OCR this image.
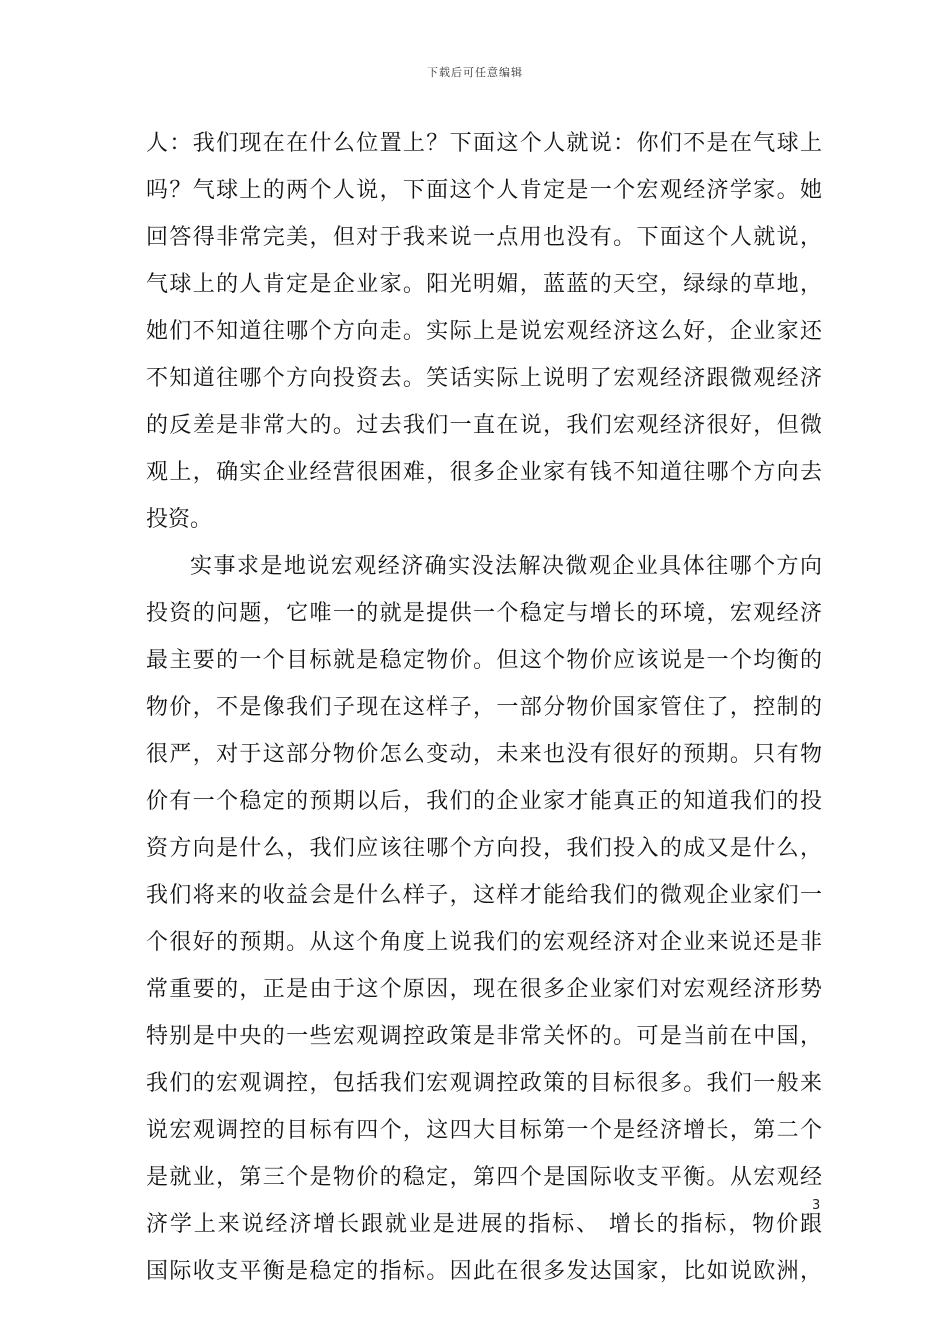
下载后可任意编辑
人：我们现在在什么位置上？下面这个人就说：你们不是在气球上
吗？气球上的两个人说，下面这个人肯定是一个宏观经济学家。她
回答得非常完美，但对于我来说一点用也没有。下面这个人就说，
气球上的人肯定是企业家。阳光明媚，蓝蓝的天空，绿绿的草地，
她们不知道往哪个方向走。实际上是说宏观经济这么好，企业家还
不知道往哪个方向投资去。笑话实际上说明了宏观经济跟微观经济
的反差是非常大的。过去我们一直在说，我们宏观经济很好，但微
观上，确实企业经营很困难，很多企业家有钱不知道往哪个方向去
投资。
实事求是地说宏观经济确实没法解决微观企业具体往哪个方向
投资的问题，它唯一的就是提供一个稳定与增长的环境，宏观经济
最主要的一个目标就是稳定物价。但这个物价应该说是一个均衡的
物价，不是像我们子现在这样子，一部分物价国家管住了，控制的
很严，对于这部分物价怎么变动，未来也没有很好的预期。只有物
价有一个稳定的预期以后，我们的企业家才能真正的知道我们的投
资方向是什么，我们应该往哪个方向投，我们投入的成又是什么，
我们将来的收益会是什么样子，这样才能给我们的微观企业家们一
个很好的预期。从这个角度上说我们的宏观经济对企业来说还是非
常重要的，正是由于这个原因，现在很多企业家们对宏观经济形势
特别是中央的一些宏观调控政策是非常关怀的。可是当前在中国，
我们的宏观调控，包括我们宏观调控政策的目标很多。我们一般来
说宏观调控的目标有四个，这四大目标第一个是经济增长，第二个
是就业，第三个是物价的稳定，第四个是国际收支平衡。从宏观经
济学上来说经济增长跟就业是进展的指标、 增长的指标，物价跟
国际收支平衡是稳定的指标。因此在很多发达国家，比如说欧洲，
3
